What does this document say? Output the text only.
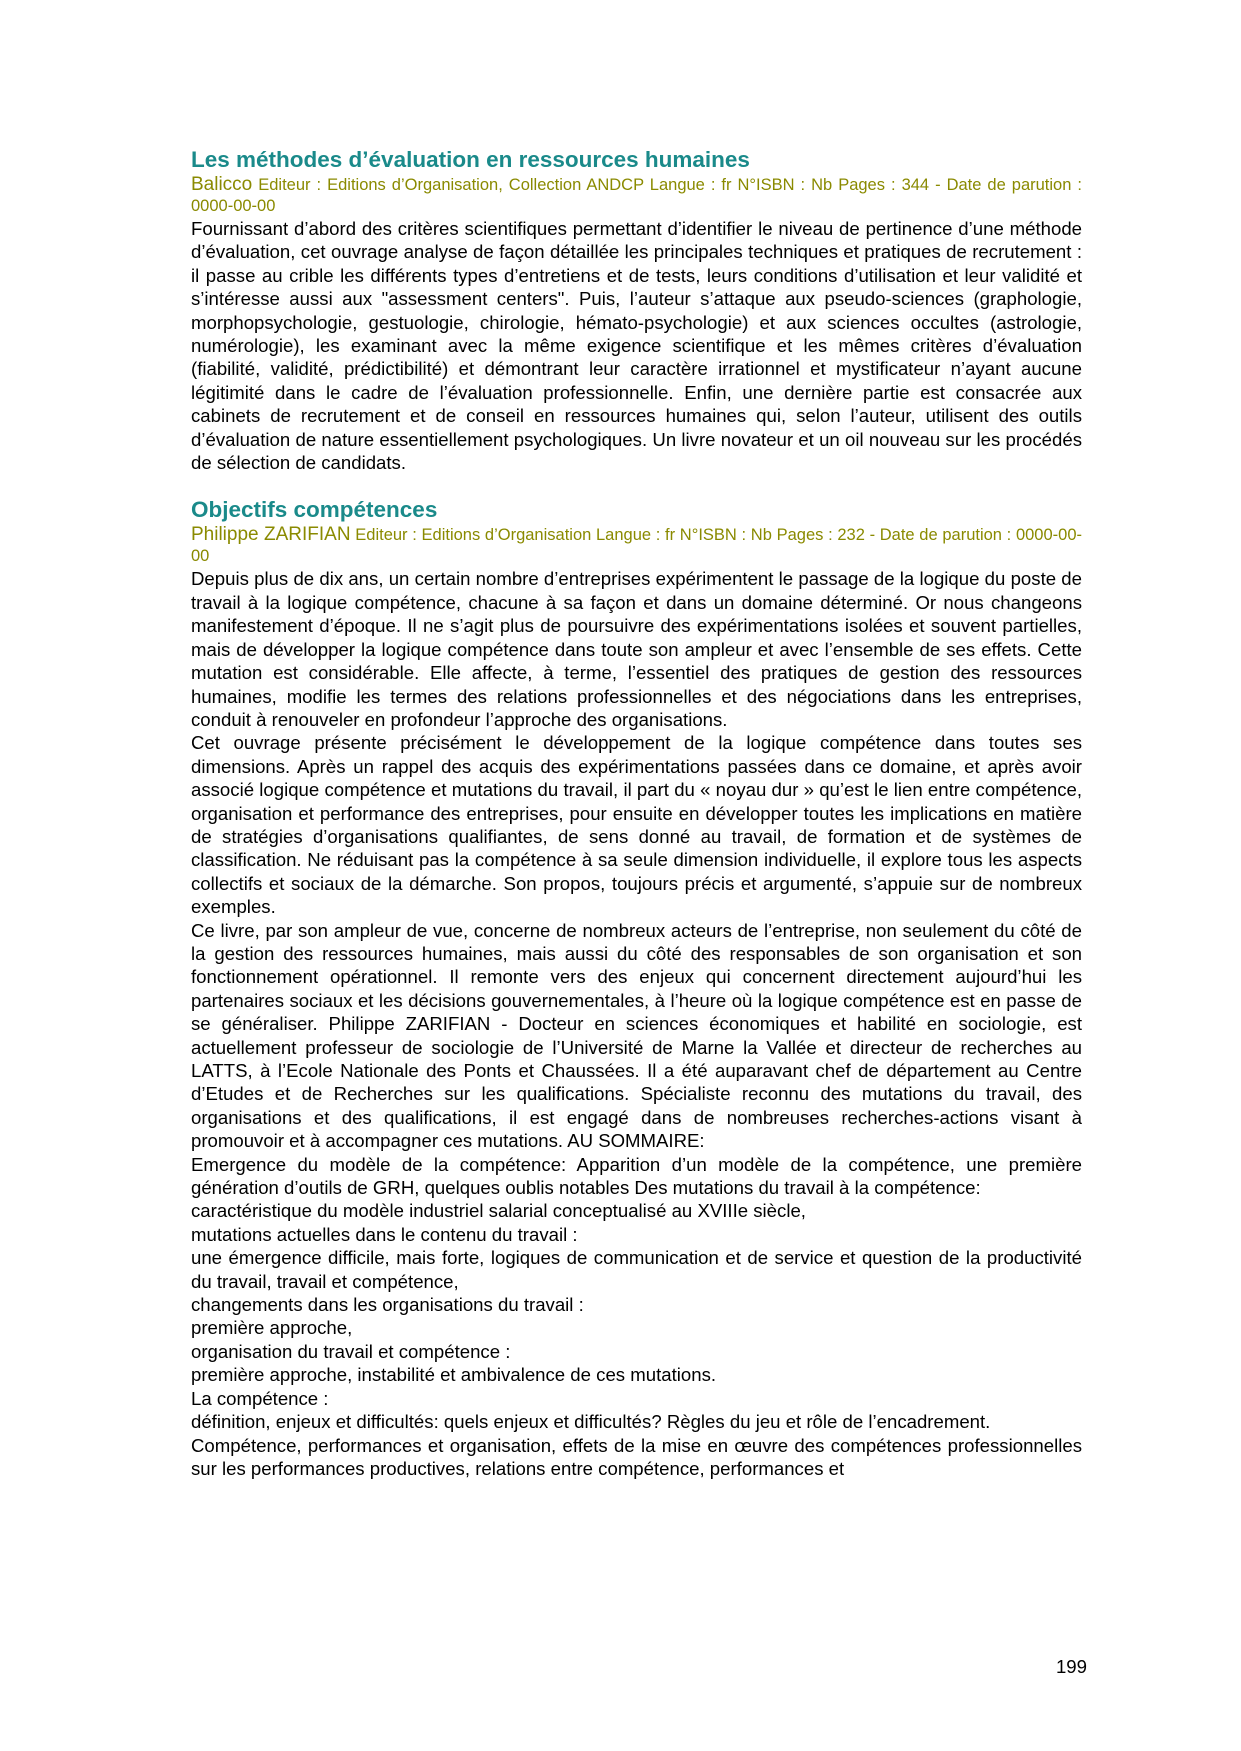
Les méthodes d’évaluation en ressources humaines

Balicco Editeur : Editions d’Organisation, Collection ANDCP Langue : fr N°ISBN : Nb Pages : 344 - Date de parution : 0000-00-00

Fournissant d’abord des critères scientifiques permettant d’identifier le niveau de pertinence d’une méthode d’évaluation, cet ouvrage analyse de façon détaillée les principales techniques et pratiques de recrutement : il passe au crible les différents types d’entretiens et de tests, leurs conditions d’utilisation et leur validité et s’intéresse aussi aux "assessment centers". Puis, l’auteur s’attaque aux pseudo-sciences (graphologie, morphopsychologie, gestuologie, chirologie, hémato-psychologie) et aux sciences occultes (astrologie, numérologie), les examinant avec la même exigence scientifique et les mêmes critères d’évaluation (fiabilité, validité, prédictibilité) et démontrant leur caractère irrationnel et mystificateur n’ayant aucune légitimité dans le cadre de l’évaluation professionnelle. Enfin, une dernière partie est consacrée aux cabinets de recrutement et de conseil en ressources humaines qui, selon l’auteur, utilisent des outils d’évaluation de nature essentiellement psychologiques. Un livre novateur et un oil nouveau sur les procédés de sélection de candidats.

Objectifs compétences

Philippe ZARIFIAN Editeur : Editions d’Organisation Langue : fr N°ISBN : Nb Pages : 232 - Date de parution : 0000-00-00

Depuis plus de dix ans, un certain nombre d’entreprises expérimentent le passage de la logique du poste de travail à la logique compétence, chacune à sa façon et dans un domaine déterminé. Or nous changeons manifestement d’époque. Il ne s’agit plus de poursuivre des expérimentations isolées et souvent partielles, mais de développer la logique compétence dans toute son ampleur et avec l’ensemble de ses effets. Cette mutation est considérable. Elle affecte, à terme, l’essentiel des pratiques de gestion des ressources humaines, modifie les termes des relations professionnelles et des négociations dans les entreprises, conduit à renouveler en profondeur l’approche des organisations.

Cet ouvrage présente précisément le développement de la logique compétence dans toutes ses dimensions. Après un rappel des acquis des expérimentations passées dans ce domaine, et après avoir associé logique compétence et mutations du travail, il part du « noyau dur » qu’est le lien entre compétence, organisation et performance des entreprises, pour ensuite en développer toutes les implications en matière de stratégies d’organisations qualifiantes, de sens donné au travail, de formation et de systèmes de classification. Ne réduisant pas la compétence à sa seule dimension individuelle, il explore tous les aspects collectifs et sociaux de la démarche. Son propos, toujours précis et argumenté, s’appuie sur de nombreux exemples.

Ce livre, par son ampleur de vue, concerne de nombreux acteurs de l’entreprise, non seulement du côté de la gestion des ressources humaines, mais aussi du côté des responsables de son organisation et son fonctionnement opérationnel. Il remonte vers des enjeux qui concernent directement aujourd’hui les partenaires sociaux et les décisions gouvernementales, à l’heure où la logique compétence est en passe de se généraliser. Philippe ZARIFIAN - Docteur en sciences économiques et habilité en sociologie, est actuellement professeur de sociologie de l’Université de Marne la Vallée et directeur de recherches au LATTS, à l’Ecole Nationale des Ponts et Chaussées. Il a été auparavant chef de département au Centre d’Etudes et de Recherches sur les qualifications. Spécialiste reconnu des mutations du travail, des organisations et des qualifications, il est engagé dans de nombreuses recherches-actions visant à promouvoir et à accompagner ces mutations. AU SOMMAIRE:

Emergence du modèle de la compétence: Apparition d’un modèle de la compétence, une première génération d’outils de GRH, quelques oublis notables Des mutations du travail à la compétence:

caractéristique du modèle industriel salarial conceptualisé au XVIIIe siècle,

mutations actuelles dans le contenu du travail :

une émergence difficile, mais forte, logiques de communication et de service et question de la productivité du travail, travail et compétence,

changements dans les organisations du travail :

première approche,

organisation du travail et compétence :

première approche, instabilité et ambivalence de ces mutations.

La compétence :

définition, enjeux et difficultés: quels enjeux et difficultés? Règles du jeu et rôle de l’encadrement.

Compétence, performances et organisation, effets de la mise en œuvre des compétences professionnelles sur les performances productives, relations entre compétence, performances et

199
